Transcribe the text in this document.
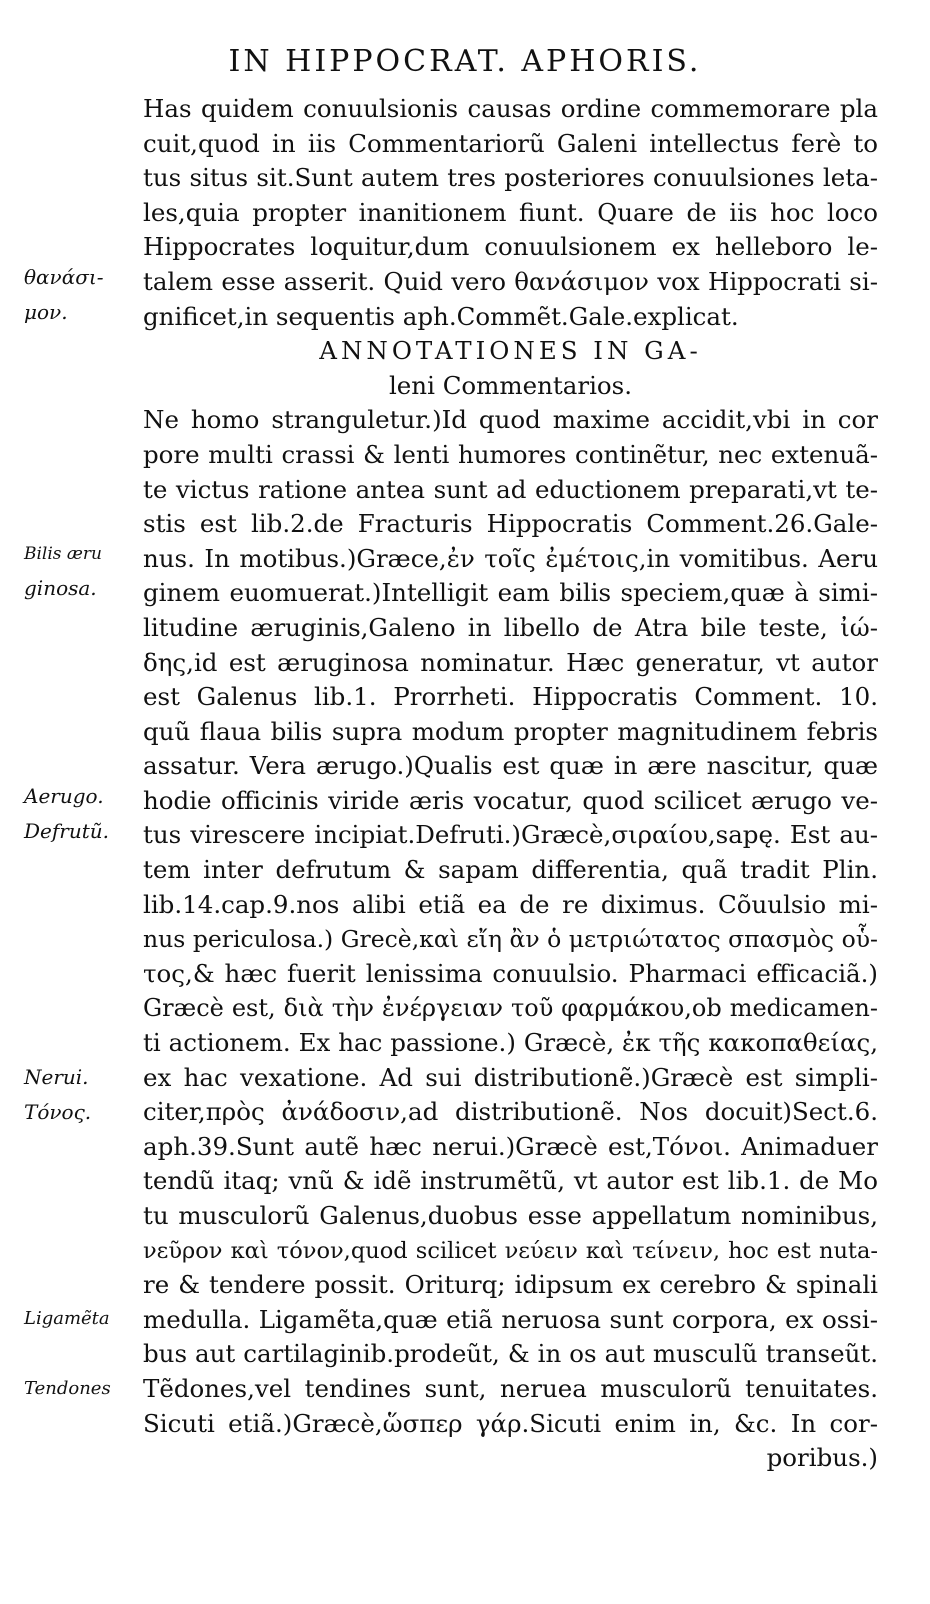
IN HIPPOCRAT. APHORIS.
Has quidem conuulsionis causas ordine commemorare pla
cuit,quod in iis Commentariorũ Galeni intellectus ferè to
tus situs sit.Sunt autem tres posteriores conuulsiones leta-
les,quia propter inanitionem fiunt. Quare de iis hoc loco
Hippocrates loquitur,dum conuulsionem ex helleboro le-
talem esse asserit. Quid vero θανάσιμον vox Hippocrati si-
gnificet,in sequentis aph.Commẽt.Gale.explicat.
ANNOTATIONES IN GA-
leni Commentarios.
Ne homo stranguletur.)Id quod maxime accidit,vbi in cor
pore multi crassi & lenti humores continẽtur, nec extenuã-
te victus ratione antea sunt ad eductionem preparati,vt te-
stis est lib.2.de Fracturis Hippocratis Comment.26.Gale-
nus. In motibus.)Græce,ἐν τοῖς ἐμέτοις,in vomitibus. Aeru
ginem euomuerat.)Intelligit eam bilis speciem,quæ à simi-
litudine æruginis,Galeno in libello de Atra bile teste, ἰώ-
δης,id est æruginosa nominatur. Hæc generatur, vt autor
est Galenus lib.1. Prorrheti. Hippocratis Comment. 10.
quũ flaua bilis supra modum propter magnitudinem febris
assatur. Vera ærugo.)Qualis est quæ in ære nascitur, quæ
hodie officinis viride æris vocatur, quod scilicet ærugo ve-
tus virescere incipiat.Defruti.)Græcè,σιραίου,sapę. Est au-
tem inter defrutum & sapam differentia, quã tradit Plin.
lib.14.cap.9.nos alibi etiã ea de re diximus. Cõuulsio mi-
nus periculosa.) Grecè,καὶ εἴη ἂν ὁ μετριώτατος σπασμὸς οὗ-
τος,& hæc fuerit lenissima conuulsio. Pharmaci efficaciã.)
Græcè est, διὰ τὴν ἐνέργειαν τοῦ φαρμάκου,ob medicamen-
ti actionem. Ex hac passione.) Græcè, ἐκ τῆς κακοπαθείας,
ex hac vexatione. Ad sui distributionẽ.)Græcè est simpli-
citer,πρὸς ἀνάδοσιν,ad distributionẽ. Nos docuit)Sect.6.
aph.39.Sunt autẽ hæc nerui.)Græcè est,Τόνοι. Animaduer
tendũ itaq; vnũ & idẽ instrumẽtũ, vt autor est lib.1. de Mo
tu musculorũ Galenus,duobus esse appellatum nominibus,
νεῦρον καὶ τόνον,quod scilicet νεύειν καὶ τείνειν, hoc est nuta-
re & tendere possit. Oriturq; idipsum ex cerebro & spinali
medulla. Ligamẽta,quæ etiã neruosa sunt corpora, ex ossi-
bus aut cartilaginib.prodeũt, & in os aut musculũ transeũt.
Tẽdones,vel tendines sunt, neruea musculorũ tenuitates.
Sicuti etiã.)Græcè,ὥσπερ γάρ.Sicuti enim in, &c. In cor-
poribus.)
θανάσι-
μον.
Bilis æru
ginosa.
Aerugo.
Defrutũ.
Nerui.
Τόνος.
Ligamẽta
Tendones
